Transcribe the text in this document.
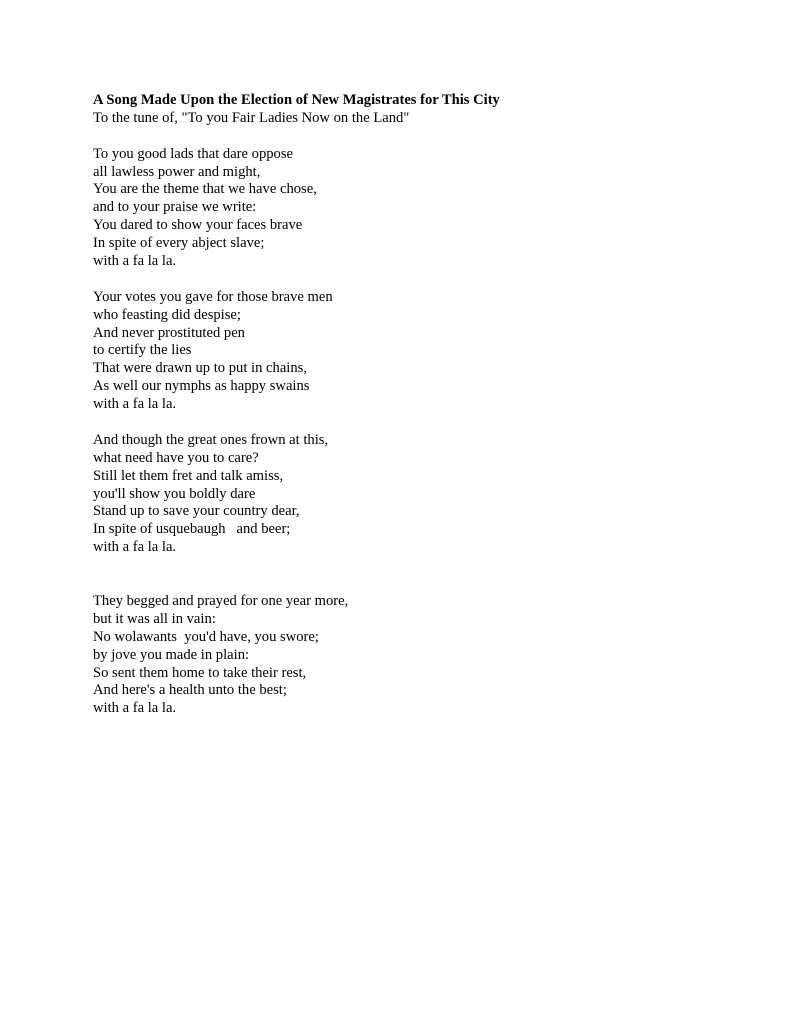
A Song Made Upon the Election of New Magistrates for This City
To the tune of, "To you Fair Ladies Now on the Land"
To you good lads that dare oppose
all lawless power and might,
You are the theme that we have chose,
and to your praise we write:
You dared to show your faces brave
In spite of every abject slave;
with a fa la la.
Your votes you gave for those brave men
who feasting did despise;
And never prostituted pen
to certify the lies
That were drawn up to put in chains,
As well our nymphs as happy swains
with a fa la la.
And though the great ones frown at this,
what need have you to care?
Still let them fret and talk amiss,
you'll show you boldly dare
Stand up to save your country dear,
In spite of usquebaugh   and beer;
with a fa la la.
They begged and prayed for one year more,
but it was all in vain:
No wolawants  you'd have, you swore;
by jove you made in plain:
So sent them home to take their rest,
And here's a health unto the best;
with a fa la la.
